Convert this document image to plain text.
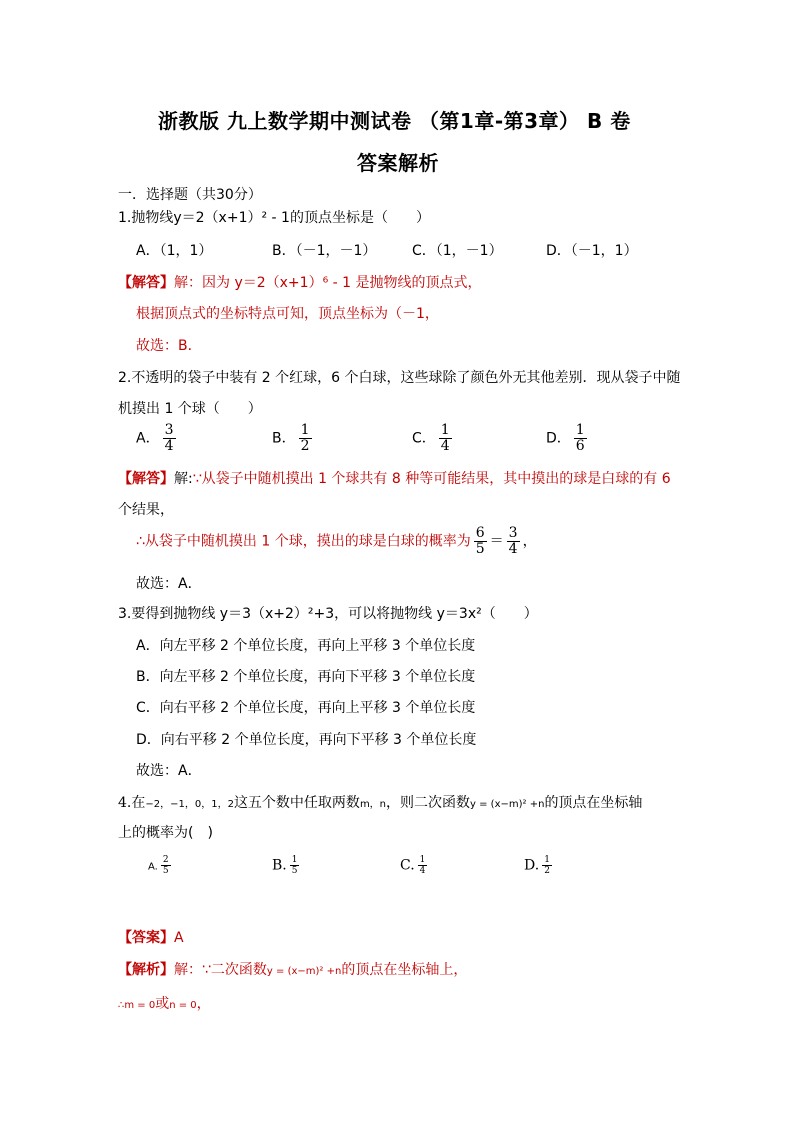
浙教版 九上数学期中测试卷 （第1章-第3章） B 卷
答案解析
一．选择题（共30分）
1.抛物线y＝2（x+1）² - 1的顶点坐标是（　　）
A．（1，1）	B．（－1，－1）	C．（1，－1）	D．（－1，1）
【解答】解：因为 y＝2（x+1）⁶ - 1 是抛物线的顶点式，
根据顶点式的坐标特点可知，顶点坐标为（－1，
故选：B．
2.不透明的袋子中装有 2 个红球，6 个白球，这些球除了颜色外无其他差别．现从袋子中随
机摸出 1 个球（　　）
A． $\frac{3}{4}$	B． $\frac{1}{2}$	C． $\frac{1}{4}$	D． $\frac{1}{6}$
【解答】解:∵从袋子中随机摸出 1 个球共有 8 种等可能结果，其中摸出的球是白球的有 6
个结果，
∴从袋子中随机摸出 1 个球，摸出的球是白球的概率为 $\frac{6}{5} = \frac{3}{4}$ ，
故选：A．
3.要得到抛物线 y＝3（x+2）²+3，可以将抛物线 y＝3x²（　　）
A．向左平移 2 个单位长度，再向上平移 3 个单位长度
B．向左平移 2 个单位长度，再向下平移 3 个单位长度
C．向右平移 2 个单位长度，再向上平移 3 个单位长度
D．向右平移 2 个单位长度，再向下平移 3 个单位长度
故选：A．
4.在−2，−1，0，1，2这五个数中任取两数m，n，则二次函数y = (x−m)² +n的顶点在坐标轴
上的概率为(　)
A. $\frac{2}{5}$	B. $\frac{1}{5}$	C. $\frac{1}{4}$	D. $\frac{1}{2}$
【答案】A
【解析】解：∵二次函数y = (x−m)² +n的顶点在坐标轴上，
∴m = 0或n = 0，
